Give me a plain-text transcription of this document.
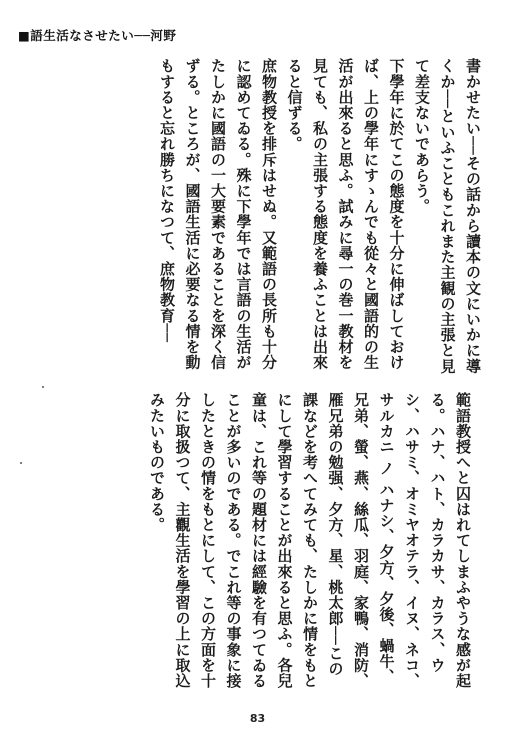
■語生活なさせたい──河野

書かせたい──その話から讀本の文にいかに導くか──といふこともこれまた主観の主張と見て差支ないであらう。

下學年に於てこの態度を十分に伸ばしておけば、上の學年にすゝんでも從々と國語的の生活が出來ると思ふ。試みに尋一の巻一教材を見ても、私の主張する態度を養ふことは出來ると信ずる。

庶物教授を排斥はせぬ。又範語の長所も十分に認めてゐる。殊に下學年では言語の生活がたしかに國語の一大要素であることを深く信ずる。ところが、國語生活に必要なる情を動もすると忘れ勝ちになつて、庶物教育──

範語教授へと囚はれてしまふやうな感が起る。ハナ、ハト、カラカサ、カラス、ウシ、ハサミ、オミヤオテラ、イヌ、ネコ、サルカニ ノ ハナシ、夕方、夕後、蝸牛、兄弟、螢、燕、絲瓜、羽庭、家鴨、消防、雁兄弟の勉强、夕方、星、桃太郎──この課などを考へてみても、たしかに情をもとにして學習することが出來ると思ふ。各兒童は、これ等の題材には經驗を有つてゐることが多いのである。でこれ等の事象に接したときの情をもとにして、この方面を十分に取扱つて、主觀生活を學習の上に取込みたいものである。

83
